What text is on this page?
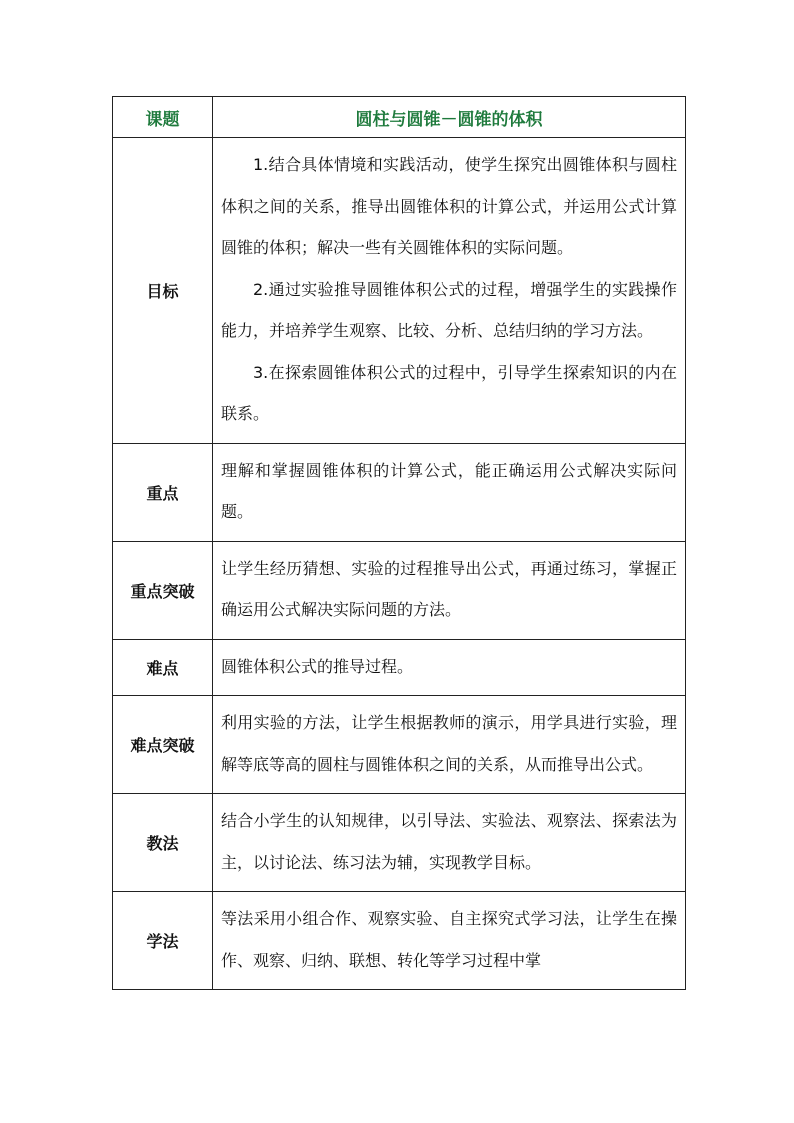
课题	圆柱与圆锥－圆锥的体积
目标	1.结合具体情境和实践活动，使学生探究出圆锥体积与圆柱体积之间的关系，推导出圆锥体积的计算公式，并运用公式计算圆锥的体积；解决一些有关圆锥体积的实际问题。

2.通过实验推导圆锥体积公式的过程，增强学生的实践操作能力，并培养学生观察、比较、分析、总结归纳的学习方法。

3.在探索圆锥体积公式的过程中，引导学生探索知识的内在联系。

重点	理解和掌握圆锥体积的计算公式，能正确运用公式解决实际问题。
重点突破	让学生经历猜想、实验的过程推导出公式，再通过练习，掌握正确运用公式解决实际问题的方法。
难点	圆锥体积公式的推导过程。
难点突破	利用实验的方法，让学生根据教师的演示，用学具进行实验，理解等底等高的圆柱与圆锥体积之间的关系，从而推导出公式。
教法	结合小学生的认知规律，以引导法、实验法、观察法、探索法为主，以讨论法、练习法为辅，实现教学目标。
学法	等法采用小组合作、观察实验、自主探究式学习法，让学生在操作、观察、归纳、联想、转化等学习过程中掌
